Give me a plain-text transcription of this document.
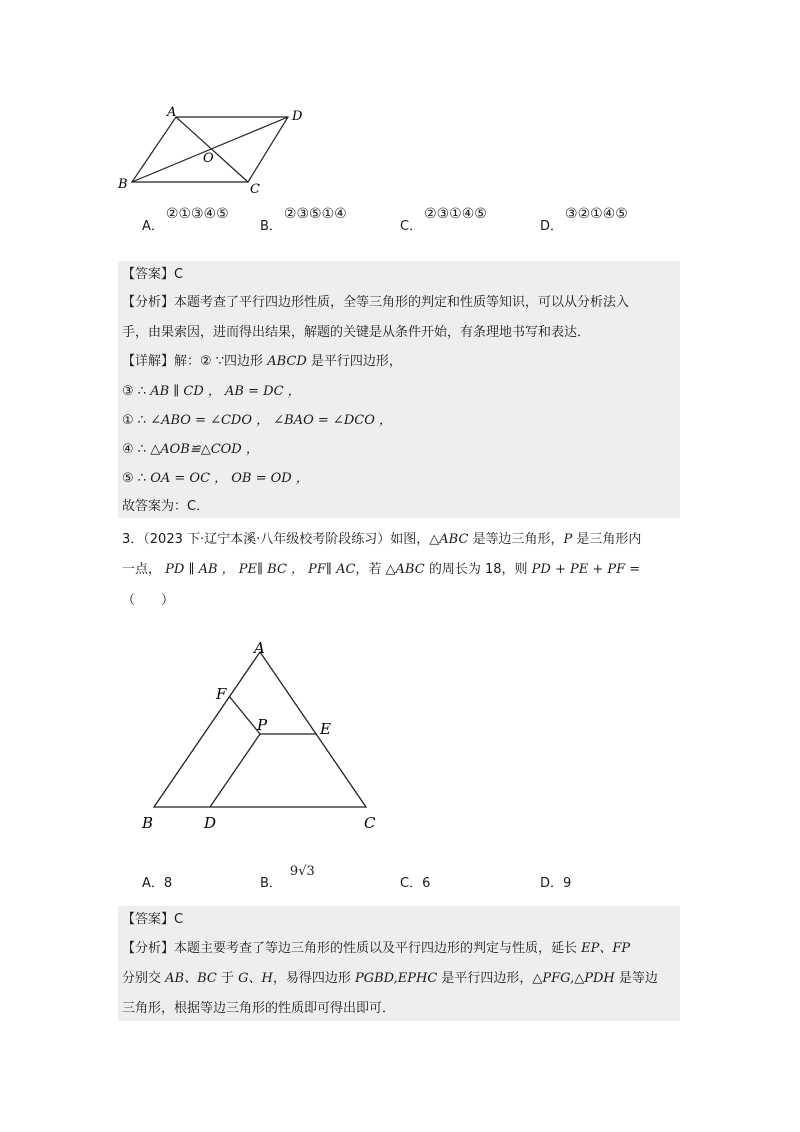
A	D
O
B	C
A．②①③④⑤
B．②③⑤①④
C．②③①④⑤
D．③②①④⑤
【答案】C
【分析】本题考查了平行四边形性质，全等三角形的判定和性质等知识，可以从分析法入
手，由果索因，进而得出结果，解题的关键是从条件开始，有条理地书写和表达．
【详解】解：② ∵四边形 ABCD 是平行四边形，
③ ∴ AB ∥ CD ， AB = DC ，
① ∴ ∠ABO = ∠CDO ， ∠BAO = ∠DCO ，
④ ∴ △AOB≌△COD ，
⑤ ∴ OA = OC ， OB = OD ，
故答案为：C．
3．（2023 下·辽宁本溪·八年级校考阶段练习）如图，△ABC 是等边三角形，P 是三角形内
一点， PD ∥ AB ， PE∥ BC ， PF∥ AC，若 △ABC 的周长为 18，则 PD + PE + PF =
（　　）
A
F
P	E
B	D	C
A．8	B．9√3
C．6	D．9
【答案】C
【分析】本题主要考查了等边三角形的性质以及平行四边形的判定与性质，延长 EP、FP
分别交 AB、BC 于 G、H，易得四边形 PGBD,EPHC 是平行四边形，△PFG,△PDH 是等边
三角形，根据等边三角形的性质即可得出即可．
